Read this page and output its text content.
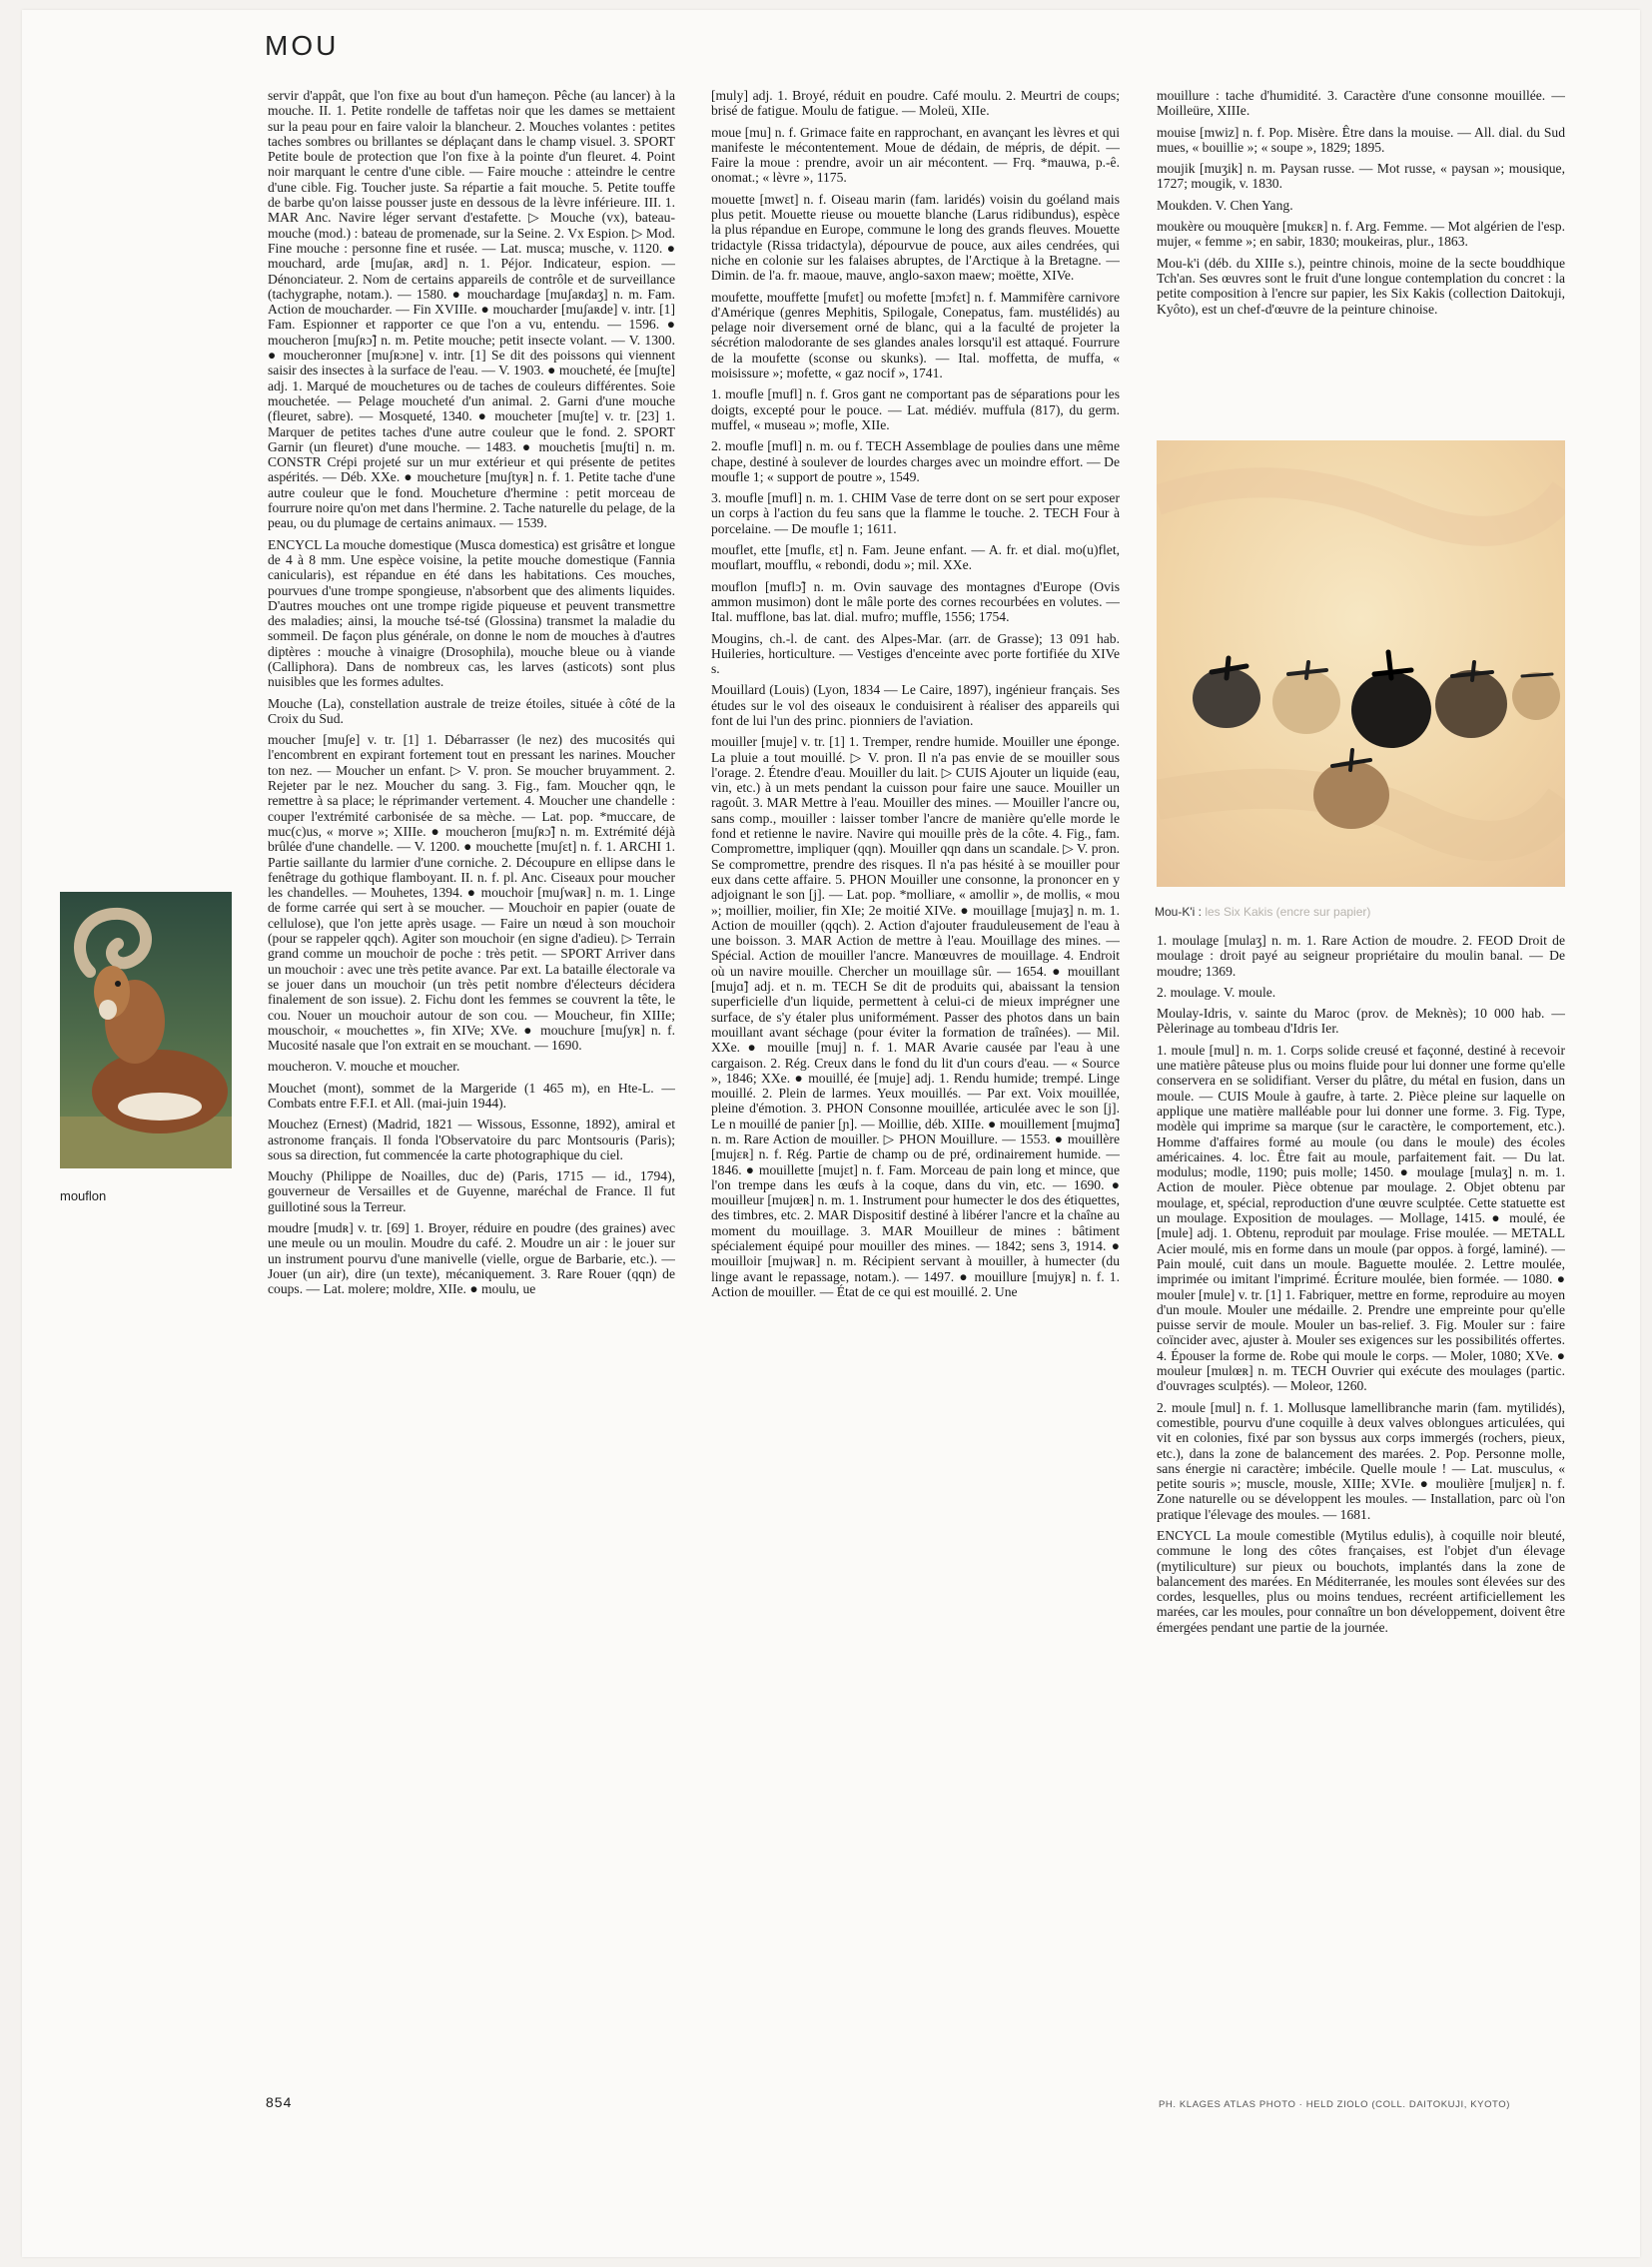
MOU
mouflon
Mou-K'i : les Six Kakis (encre sur papier)

servir d'appât, que l'on fixe au bout d'un hameçon. Pêche (au lancer) à la mouche. II. 1. Petite rondelle de taffetas noir que les dames se mettaient sur la peau pour en faire valoir la blancheur. 2. Mouches volantes : petites taches sombres ou brillantes se déplaçant dans le champ visuel. 3. SPORT Petite boule de protection que l'on fixe à la pointe d'un fleuret. 4. Point noir marquant le centre d'une cible. — Faire mouche : atteindre le centre d'une cible. Fig. Toucher juste. Sa répartie a fait mouche. 5. Petite touffe de barbe qu'on laisse pousser juste en dessous de la lèvre inférieure. III. 1. MAR Anc. Navire léger servant d'estafette. ▷ Mouche (vx), bateau-mouche (mod.) : bateau de promenade, sur la Seine. 2. Vx Espion. ▷ Mod. Fine mouche : personne fine et rusée. — Lat. musca; musche, v. 1120. ● mouchard, arde [muʃaʀ, aʀd] n. 1. Péjor. Indicateur, espion. — Dénonciateur. 2. Nom de certains appareils de contrôle et de surveillance (tachygraphe, notam.). — 1580. ● mouchardage [muʃaʀdaʒ] n. m. Fam. Action de moucharder. — Fin XVIIIe. ● moucharder [muʃaʀde] v. intr. [1] Fam. Espionner et rapporter ce que l'on a vu, entendu. — 1596. ● moucheron [muʃʀɔ̃] n. m. Petite mouche; petit insecte volant. — V. 1300. ● moucheronner [muʃʀɔne] v. intr. [1] Se dit des poissons qui viennent saisir des insectes à la surface de l'eau. — V. 1903. ● moucheté, ée [muʃte] adj. 1. Marqué de mouchetures ou de taches de couleurs différentes. Soie mouchetée. — Pelage moucheté d'un animal. 2. Garni d'une mouche (fleuret, sabre). — Mosqueté, 1340. ● moucheter [muʃte] v. tr. [23] 1. Marquer de petites taches d'une autre couleur que le fond. 2. SPORT Garnir (un fleuret) d'une mouche. — 1483. ● mouchetis [muʃti] n. m. CONSTR Crépi projeté sur un mur extérieur et qui présente de petites aspérités. — Déb. XXe. ● moucheture [muʃtyʀ] n. f. 1. Petite tache d'une autre couleur que le fond. Moucheture d'hermine : petit morceau de fourrure noire qu'on met dans l'hermine. 2. Tache naturelle du pelage, de la peau, ou du plumage de certains animaux. — 1539.

ENCYCL La mouche domestique (Musca domestica) est grisâtre et longue de 4 à 8 mm. Une espèce voisine, la petite mouche domestique (Fannia canicularis), est répandue en été dans les habitations. Ces mouches, pourvues d'une trompe spongieuse, n'absorbent que des aliments liquides. D'autres mouches ont une trompe rigide piqueuse et peuvent transmettre des maladies; ainsi, la mouche tsé-tsé (Glossina) transmet la maladie du sommeil. De façon plus générale, on donne le nom de mouches à d'autres diptères : mouche à vinaigre (Drosophila), mouche bleue ou à viande (Calliphora). Dans de nombreux cas, les larves (asticots) sont plus nuisibles que les formes adultes.

Mouche (La), constellation australe de treize étoiles, située à côté de la Croix du Sud.

moucher [muʃe] v. tr. [1] 1. Débarrasser (le nez) des mucosités qui l'encombrent en expirant fortement tout en pressant les narines. Moucher ton nez. — Moucher un enfant. ▷ V. pron. Se moucher bruyamment. 2. Rejeter par le nez. Moucher du sang. 3. Fig., fam. Moucher qqn, le remettre à sa place; le réprimander vertement. 4. Moucher une chandelle : couper l'extrémité carbonisée de sa mèche. — Lat. pop. *muccare, de muc(c)us, « morve »; XIIIe. ● moucheron [muʃʀɔ̃] n. m. Extrémité déjà brûlée d'une chandelle. — V. 1200. ● mouchette [muʃɛt] n. f. 1. ARCHI 1. Partie saillante du larmier d'une corniche. 2. Découpure en ellipse dans le fenêtrage du gothique flamboyant. II. n. f. pl. Anc. Ciseaux pour moucher les chandelles. — Mouhetes, 1394. ● mouchoir [muʃwaʀ] n. m. 1. Linge de forme carrée qui sert à se moucher. — Mouchoir en papier (ouate de cellulose), que l'on jette après usage. — Faire un nœud à son mouchoir (pour se rappeler qqch). Agiter son mouchoir (en signe d'adieu). ▷ Terrain grand comme un mouchoir de poche : très petit. — SPORT Arriver dans un mouchoir : avec une très petite avance. Par ext. La bataille électorale va se jouer dans un mouchoir (un très petit nombre d'électeurs décidera finalement de son issue). 2. Fichu dont les femmes se couvrent la tête, le cou. Nouer un mouchoir autour de son cou. — Moucheur, fin XIIIe; mouschoir, « mouchettes », fin XIVe; XVe. ● mouchure [muʃyʀ] n. f. Mucosité nasale que l'on extrait en se mouchant. — 1690.

moucheron. V. mouche et moucher.

Mouchet (mont), sommet de la Margeride (1 465 m), en Hte-L. — Combats entre F.F.I. et All. (mai-juin 1944).

Mouchez (Ernest) (Madrid, 1821 — Wissous, Essonne, 1892), amiral et astronome français. Il fonda l'Observatoire du parc Montsouris (Paris); sous sa direction, fut commencée la carte photographique du ciel.

Mouchy (Philippe de Noailles, duc de) (Paris, 1715 — id., 1794), gouverneur de Versailles et de Guyenne, maréchal de France. Il fut guillotiné sous la Terreur.

moudre [mudʀ] v. tr. [69] 1. Broyer, réduire en poudre (des graines) avec une meule ou un moulin. Moudre du café. 2. Moudre un air : le jouer sur un instrument pourvu d'une manivelle (vielle, orgue de Barbarie, etc.). — Jouer (un air), dire (un texte), mécaniquement. 3. Rare Rouer (qqn) de coups. — Lat. molere; moldre, XIIe. ● moulu, ue

[muly] adj. 1. Broyé, réduit en poudre. Café moulu. 2. Meurtri de coups; brisé de fatigue. Moulu de fatigue. — Moleü, XIIe.

moue [mu] n. f. Grimace faite en rapprochant, en avançant les lèvres et qui manifeste le mécontentement. Moue de dédain, de mépris, de dépit. — Faire la moue : prendre, avoir un air mécontent. — Frq. *mauwa, p.-ê. onomat.; « lèvre », 1175.

mouette [mwɛt] n. f. Oiseau marin (fam. laridés) voisin du goéland mais plus petit. Mouette rieuse ou mouette blanche (Larus ridibundus), espèce la plus répandue en Europe, commune le long des grands fleuves. Mouette tridactyle (Rissa tridactyla), dépourvue de pouce, aux ailes cendrées, qui niche en colonie sur les falaises abruptes, de l'Arctique à la Bretagne. — Dimin. de l'a. fr. maoue, mauve, anglo-saxon maew; moëtte, XIVe.

moufette, mouffette [mufɛt] ou mofette [mɔfɛt] n. f. Mammifère carnivore d'Amérique (genres Mephitis, Spilogale, Conepatus, fam. mustélidés) au pelage noir diversement orné de blanc, qui a la faculté de projeter la sécrétion malodorante de ses glandes anales lorsqu'il est attaqué. Fourrure de la moufette (sconse ou skunks). — Ital. moffetta, de muffa, « moisissure »; mofette, « gaz nocif », 1741.

1. moufle [mufl] n. f. Gros gant ne comportant pas de séparations pour les doigts, excepté pour le pouce. — Lat. médiév. muffula (817), du germ. muffel, « museau »; mofle, XIIe.

2. moufle [mufl] n. m. ou f. TECH Assemblage de poulies dans une même chape, destiné à soulever de lourdes charges avec un moindre effort. — De moufle 1; « support de poutre », 1549.

3. moufle [mufl] n. m. 1. CHIM Vase de terre dont on se sert pour exposer un corps à l'action du feu sans que la flamme le touche. 2. TECH Four à porcelaine. — De moufle 1; 1611.

mouflet, ette [muflɛ, ɛt] n. Fam. Jeune enfant. — A. fr. et dial. mo(u)flet, mouflart, moufflu, « rebondi, dodu »; mil. XXe.

mouflon [muflɔ̃] n. m. Ovin sauvage des montagnes d'Europe (Ovis ammon musimon) dont le mâle porte des cornes recourbées en volutes. — Ital. mufflone, bas lat. dial. mufro; muffle, 1556; 1754.

Mougins, ch.-l. de cant. des Alpes-Mar. (arr. de Grasse); 13 091 hab. Huileries, horticulture. — Vestiges d'enceinte avec porte fortifiée du XIVe s.

Mouillard (Louis) (Lyon, 1834 — Le Caire, 1897), ingénieur français. Ses études sur le vol des oiseaux le conduisirent à réaliser des appareils qui font de lui l'un des princ. pionniers de l'aviation.

mouiller [muje] v. tr. [1] 1. Tremper, rendre humide. Mouiller une éponge. La pluie a tout mouillé. ▷ V. pron. Il n'a pas envie de se mouiller sous l'orage. 2. Étendre d'eau. Mouiller du lait. ▷ CUIS Ajouter un liquide (eau, vin, etc.) à un mets pendant la cuisson pour faire une sauce. Mouiller un ragoût. 3. MAR Mettre à l'eau. Mouiller des mines. — Mouiller l'ancre ou, sans comp., mouiller : laisser tomber l'ancre de manière qu'elle morde le fond et retienne le navire. Navire qui mouille près de la côte. 4. Fig., fam. Compromettre, impliquer (qqn). Mouiller qqn dans un scandale. ▷ V. pron. Se compromettre, prendre des risques. Il n'a pas hésité à se mouiller pour eux dans cette affaire. 5. PHON Mouiller une consonne, la prononcer en y adjoignant le son [j]. — Lat. pop. *molliare, « amollir », de mollis, « mou »; moillier, moilier, fin XIe; 2e moitié XIVe. ● mouillage [mujaʒ] n. m. 1. Action de mouiller (qqch). 2. Action d'ajouter frauduleusement de l'eau à une boisson. 3. MAR Action de mettre à l'eau. Mouillage des mines. — Spécial. Action de mouiller l'ancre. Manœuvres de mouillage. 4. Endroit où un navire mouille. Chercher un mouillage sûr. — 1654. ● mouillant [mujɑ̃] adj. et n. m. TECH Se dit de produits qui, abaissant la tension superficielle d'un liquide, permettent à celui-ci de mieux imprégner une surface, de s'y étaler plus uniformément. Passer des photos dans un bain mouillant avant séchage (pour éviter la formation de traînées). — Mil. XXe. ● mouille [muj] n. f. 1. MAR Avarie causée par l'eau à une cargaison. 2. Rég. Creux dans le fond du lit d'un cours d'eau. — « Source », 1846; XXe. ● mouillé, ée [muje] adj. 1. Rendu humide; trempé. Linge mouillé. 2. Plein de larmes. Yeux mouillés. — Par ext. Voix mouillée, pleine d'émotion. 3. PHON Consonne mouillée, articulée avec le son [j]. Le n mouillé de panier [ɲ]. — Moillie, déb. XIIIe. ● mouillement [mujmɑ̃] n. m. Rare Action de mouiller. ▷ PHON Mouillure. — 1553. ● mouillère [mujɛʀ] n. f. Rég. Partie de champ ou de pré, ordinairement humide. — 1846. ● mouillette [mujɛt] n. f. Fam. Morceau de pain long et mince, que l'on trempe dans les œufs à la coque, dans du vin, etc. — 1690. ● mouilleur [mujœʀ] n. m. 1. Instrument pour humecter le dos des étiquettes, des timbres, etc. 2. MAR Dispositif destiné à libérer l'ancre et la chaîne au moment du mouillage. 3. MAR Mouilleur de mines : bâtiment spécialement équipé pour mouiller des mines. — 1842; sens 3, 1914. ● mouilloir [mujwaʀ] n. m. Récipient servant à mouiller, à humecter (du linge avant le repassage, notam.). — 1497. ● mouillure [mujyʀ] n. f. 1. Action de mouiller. — État de ce qui est mouillé. 2. Une

mouillure : tache d'humidité. 3. Caractère d'une consonne mouillée. — Moilleüre, XIIIe.

mouise [mwiz] n. f. Pop. Misère. Être dans la mouise. — All. dial. du Sud mues, « bouillie »; « soupe », 1829; 1895.

moujik [muʒik] n. m. Paysan russe. — Mot russe, « paysan »; mousique, 1727; mougik, v. 1830.

Moukden. V. Chen Yang.

moukère ou mouquère [mukɛʀ] n. f. Arg. Femme. — Mot algérien de l'esp. mujer, « femme »; en sabir, 1830; moukeiras, plur., 1863.

Mou-k'i (déb. du XIIIe s.), peintre chinois, moine de la secte bouddhique Tch'an. Ses œuvres sont le fruit d'une longue contemplation du concret : la petite composition à l'encre sur papier, les Six Kakis (collection Daitokuji, Kyôto), est un chef-d'œuvre de la peinture chinoise.

1. moulage [mulaʒ] n. m. 1. Rare Action de moudre. 2. FEOD Droit de moulage : droit payé au seigneur propriétaire du moulin banal. — De moudre; 1369.

2. moulage. V. moule.

Moulay-Idris, v. sainte du Maroc (prov. de Meknès); 10 000 hab. — Pèlerinage au tombeau d'Idris Ier.

1. moule [mul] n. m. 1. Corps solide creusé et façonné, destiné à recevoir une matière pâteuse plus ou moins fluide pour lui donner une forme qu'elle conservera en se solidifiant. Verser du plâtre, du métal en fusion, dans un moule. — CUIS Moule à gaufre, à tarte. 2. Pièce pleine sur laquelle on applique une matière malléable pour lui donner une forme. 3. Fig. Type, modèle qui imprime sa marque (sur le caractère, le comportement, etc.). Homme d'affaires formé au moule (ou dans le moule) des écoles américaines. 4. loc. Être fait au moule, parfaitement fait. — Du lat. modulus; modle, 1190; puis molle; 1450. ● moulage [mulaʒ] n. m. 1. Action de mouler. Pièce obtenue par moulage. 2. Objet obtenu par moulage, et, spécial, reproduction d'une œuvre sculptée. Cette statuette est un moulage. Exposition de moulages. — Mollage, 1415. ● moulé, ée [mule] adj. 1. Obtenu, reproduit par moulage. Frise moulée. — METALL Acier moulé, mis en forme dans un moule (par oppos. à forgé, laminé). — Pain moulé, cuit dans un moule. Baguette moulée. 2. Lettre moulée, imprimée ou imitant l'imprimé. Écriture moulée, bien formée. — 1080. ● mouler [mule] v. tr. [1] 1. Fabriquer, mettre en forme, reproduire au moyen d'un moule. Mouler une médaille. 2. Prendre une empreinte pour qu'elle puisse servir de moule. Mouler un bas-relief. 3. Fig. Mouler sur : faire coïncider avec, ajuster à. Mouler ses exigences sur les possibilités offertes. 4. Épouser la forme de. Robe qui moule le corps. — Moler, 1080; XVe. ● mouleur [mulœʀ] n. m. TECH Ouvrier qui exécute des moulages (partic. d'ouvrages sculptés). — Moleor, 1260.

2. moule [mul] n. f. 1. Mollusque lamellibranche marin (fam. mytilidés), comestible, pourvu d'une coquille à deux valves oblongues articulées, qui vit en colonies, fixé par son byssus aux corps immergés (rochers, pieux, etc.), dans la zone de balancement des marées. 2. Pop. Personne molle, sans énergie ni caractère; imbécile. Quelle moule ! — Lat. musculus, « petite souris »; muscle, mousle, XIIIe; XVIe. ● moulière [muljɛʀ] n. f. Zone naturelle ou se développent les moules. — Installation, parc où l'on pratique l'élevage des moules. — 1681.

ENCYCL La moule comestible (Mytilus edulis), à coquille noir bleuté, commune le long des côtes françaises, est l'objet d'un élevage (mytiliculture) sur pieux ou bouchots, implantés dans la zone de balancement des marées. En Méditerranée, les moules sont élevées sur des cordes, lesquelles, plus ou moins tendues, recréent artificiellement les marées, car les moules, pour connaître un bon développement, doivent être émergées pendant une partie de la journée.

854	PH. KLAGES ATLAS PHOTO · HELD ZIOLO (COLL. DAITOKUJI, KYOTO)
